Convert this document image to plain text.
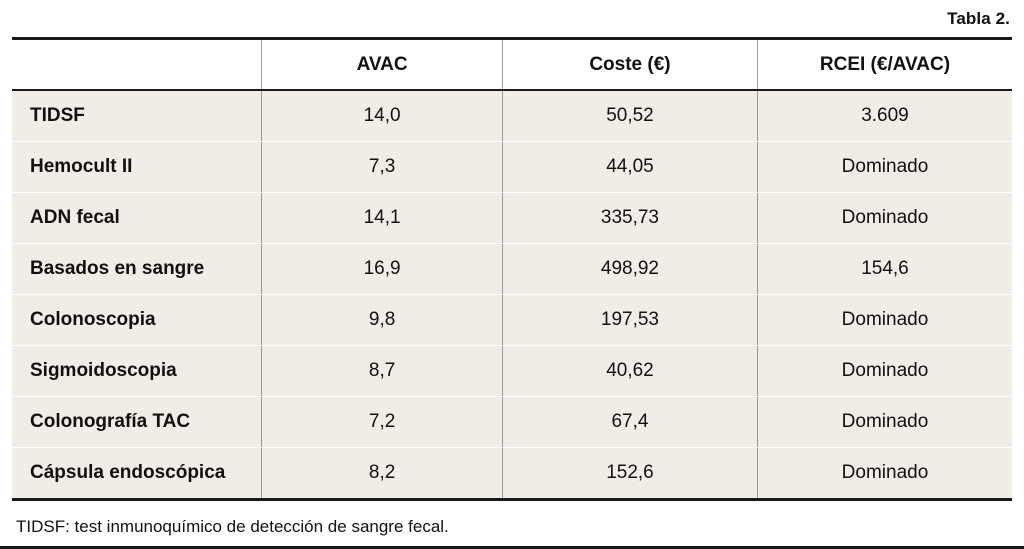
Tabla 2.
	AVAC	Coste (€)	RCEI (€/AVAC)
TIDSF	14,0	50,52	3.609
Hemocult II	7,3	44,05	Dominado
ADN fecal	14,1	335,73	Dominado
Basados en sangre	16,9	498,92	154,6
Colonoscopia	9,8	197,53	Dominado
Sigmoidoscopia	8,7	40,62	Dominado
Colonografía TAC	7,2	67,4	Dominado
Cápsula endoscópica	8,2	152,6	Dominado
TIDSF: test inmunoquímico de detección de sangre fecal.
